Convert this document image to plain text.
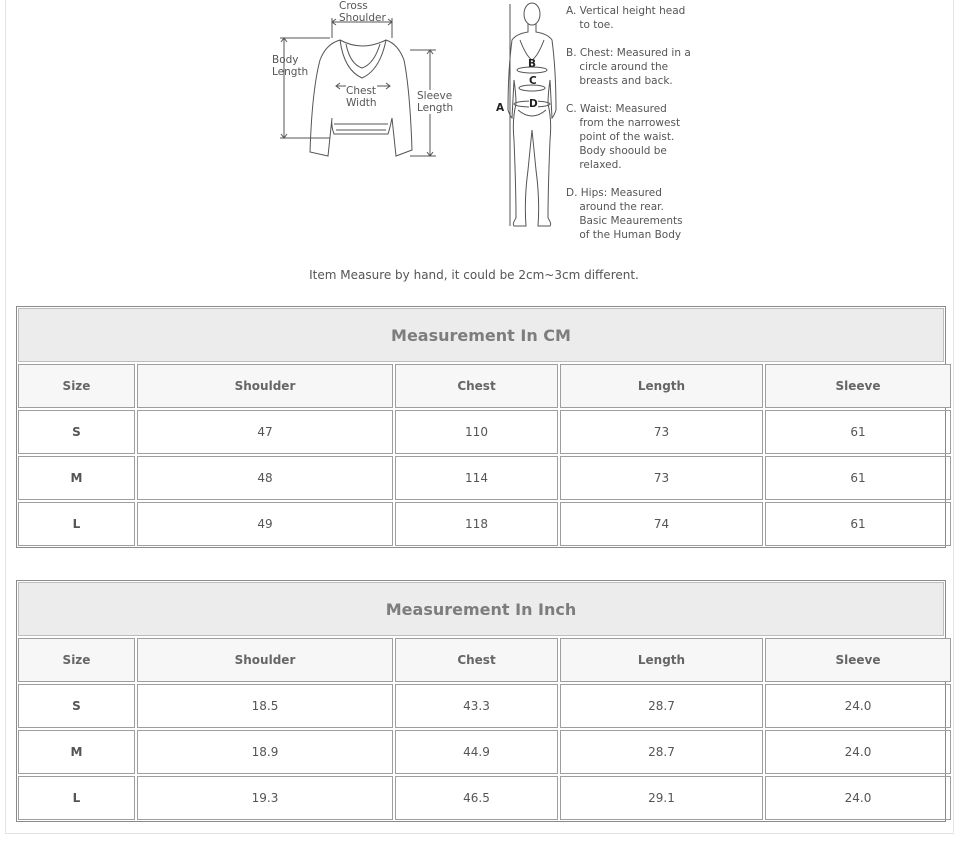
Cross
Shoulder
Body
Length
Chest
Width
Sleeve
Length	A
B
C
D
A. Vertical height head
to toe.
B. Chest: Measured in a
circle around the
breasts and back.
C. Waist: Measured
from the narrowest
point of the waist.
Body shoould be
relaxed.
D. Hips: Measured
around the rear.
Basic Meaurements
of the Human Body
Item Measure by hand, it could be 2cm~3cm different.
Measurement In CM
Size	Shoulder	Chest	Length	Sleeve
S	47	110	73	61
M	48	114	73	61
L	49	118	74	61
Measurement In Inch
Size	Shoulder	Chest	Length	Sleeve
S	18.5	43.3	28.7	24.0
M	18.9	44.9	28.7	24.0
L	19.3	46.5	29.1	24.0
